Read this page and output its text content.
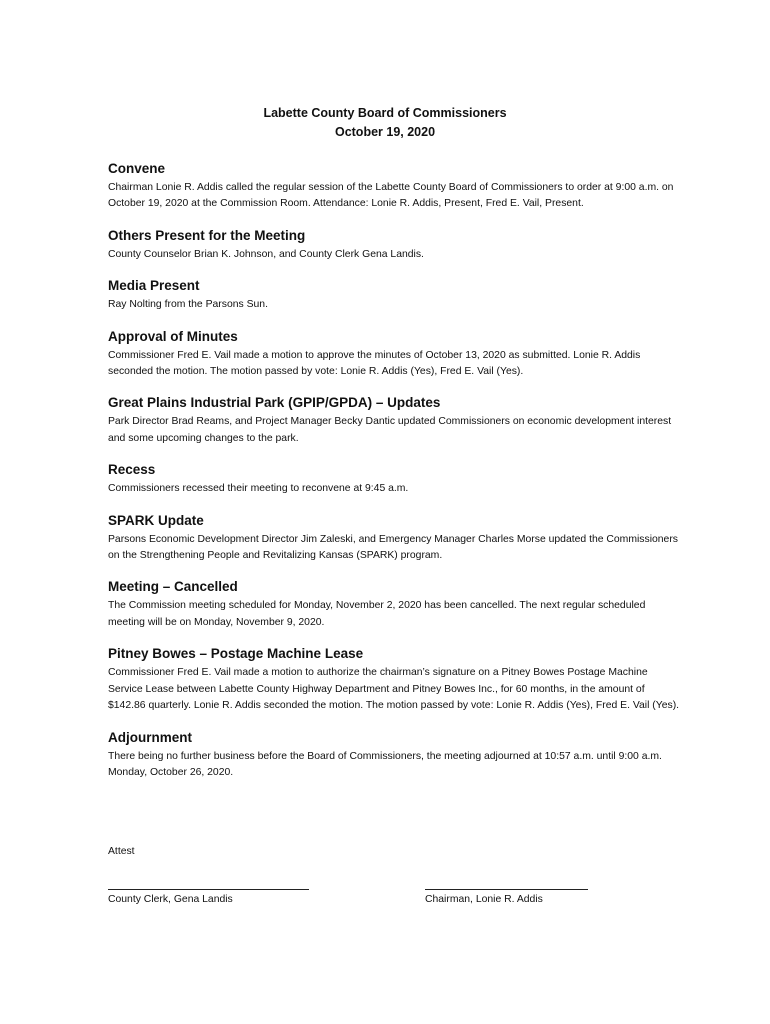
Labette County Board of Commissioners
October 19, 2020
Convene

Chairman Lonie R. Addis called the regular session of the Labette County Board of Commissioners to order at 9:00 a.m. on October 19, 2020 at the Commission Room. Attendance: Lonie R. Addis, Present, Fred E. Vail, Present.

Others Present for the Meeting

County Counselor Brian K. Johnson, and County Clerk Gena Landis.

Media Present

Ray Nolting from the Parsons Sun.

Approval of Minutes

Commissioner Fred E. Vail made a motion to approve the minutes of October 13, 2020 as submitted. Lonie R. Addis seconded the motion. The motion passed by vote: Lonie R. Addis (Yes), Fred E. Vail (Yes).

Great Plains Industrial Park (GPIP/GPDA) – Updates

Park Director Brad Reams, and Project Manager Becky Dantic updated Commissioners on economic development interest and some upcoming changes to the park.

Recess

Commissioners recessed their meeting to reconvene at 9:45 a.m.

SPARK Update

Parsons Economic Development Director Jim Zaleski, and Emergency Manager Charles Morse updated the Commissioners on the Strengthening People and Revitalizing Kansas (SPARK) program.

Meeting – Cancelled

The Commission meeting scheduled for Monday, November 2, 2020 has been cancelled. The next regular scheduled meeting will be on Monday, November 9, 2020.

Pitney Bowes – Postage Machine Lease

Commissioner Fred E. Vail made a motion to authorize the chairman’s signature on a Pitney Bowes Postage Machine Service Lease between Labette County Highway Department and Pitney Bowes Inc., for 60 months, in the amount of $142.86 quarterly. Lonie R. Addis seconded the motion. The motion passed by vote: Lonie R. Addis (Yes), Fred E. Vail (Yes).

Adjournment

There being no further business before the Board of Commissioners, the meeting adjourned at 10:57 a.m. until 9:00 a.m. Monday, October 26, 2020.

Attest
County Clerk, Gena Landis	Chairman, Lonie R. Addis
